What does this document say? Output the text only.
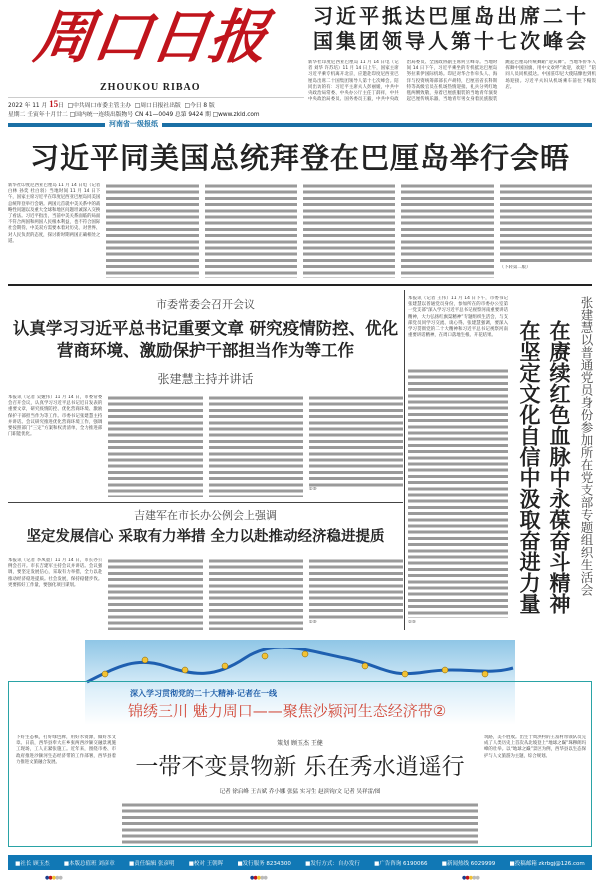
周口日报
ZHOUKOU RIBAO
2022 年 11 月 15日 □中共周口市委主管主办 □周口日报社出版 □今日 8 版
星期二 壬寅年十月廿二 □国内统一连续出版物号 CN 41—0049 总第 9424 期 □www.zkld.com
河南省一级报纸
习近平抵达巴厘岛出席二十国集团领导人第十七次峰会
新华社印度尼西亚巴厘岛 11 月 14 日电（记者 刘华 许苏培）11 月 14 日上午，国家主席习近平乘专机离开北京，应邀赴印度尼西亚巴厘岛出席二十国集团领导人第十七次峰会。陪同出访的有：习近平主席夫人彭丽媛，中共中央政治局常委、中央办公厅主任丁薛祥，中共中央政治局委员、国务委员王毅，中共中央政治局委员、全国政协副主席何立峰等。当地时间 14 日下午，习近平乘坐的专机抵达巴厘岛努拉莱伊国际机场。印尼对华合作牵头人、海洋与投资统筹部部长卢胡特，巴厘省省长科斯特等高级官员在机场热情迎接。礼兵分列红地毯两侧致敬，身着巴厘族服装的当地青年演奏起巴厘传统乐器，当地青年男女身着民族服装跳起巴厘岛传统舞蹈“迎宾舞”。当地华侨华人挥舞中国国旗，用中文欢呼“欢迎，欢迎！”陪同人员同机抵达。中国驻印尼大使陆慷也到机场迎接。习近平夫妇从机场乘车前往下榻饭店。
习近平同美国总统拜登在巴厘岛举行会晤
新华社印度尼西亚巴厘岛 11 月 14 日电（记者 白林 孙奕 杜白羽）当地时间 11 月 14 日下午，国家主席习近平在印度尼西亚巴厘岛同美国总统拜登举行会晤。两国元首就中美关系中的战略性问题以及重大全球和地区问题坦诚深入交换了看法。习近平指出，当前中美关系面临的局面不符合两国和两国人民根本利益，也不符合国际社会期待。中美双方需要本着对历史、对世界、对人民负责的态度，探讨新时期两国正确相处之道。
（下转第二版）
市委常委会召开会议
认真学习习近平总书记重要文章 研究疫情防控、优化营商环境、激励保护干部担当作为等工作
张建慧主持并讲话
本报讯（记者 吴娅伟）11 月 14 日，市委常委会召开会议，认真学习习近平总书记近日发表的重要文章，研究疫情防控、优化营商环境、激励保护干部担当作为等工作。市委书记张建慧主持并讲话。会议研究推进优化营商环境工作，强调要按照部门“三定”方案和权责清单，全力推进部门职能优化。
②⑤
吉建军在市长办公例会上强调
坚定发展信心 采取有力举措 全力以赴推动经济稳进提质
本报讯（记者 李凤童）11 月 14 日，市长办公例会召开。市长吉建军主持会议并讲话。会议强调，要坚定发展信心，采取有力举措，全力以赴推动经济稳进提质。社会发展，保持稳健步伐。更要抓好工作量，要强化项目谋划。
②⑤
本报讯（记者 王伟）11 月 14 日下午，市委书记张建慧以普通党员身份，参加所在的市委办公室第一党支部“深入学习习近平总书记视察河南重要讲话精神，大力弘扬红旗渠精神”专题组织生活会，与支部党员同学习交流、谈心得。张建慧强调，要深入学习贯彻党的二十大精神和习近平总书记视察河南重要讲话精神，在周口落地生根、开花结果。
②⑤
在赓续红色血脉中永葆奋斗精神
在坚定文化自信中汲取奋进力量	张建慧以普通党员身份参加所在党支部专题组织生活会
深入学习贯彻党的二十大精神·记者在一线
锦绣三川 魅力周口——聚焦沙颍河生态经济带②
下好生态棋，打好绿色牌，用好水资源，做好水文章。日前，西华县奉大庄乡张两西沙颍交融景观施工现场，工人正紧张施工。近年来，围绕市委、市政府推进沙颍河生态经济带的工作部署，西华县着力推进文旅融合发展。
筑路，美不胜收。出生于周洪村的王富村带领队员完成了人类历史上首次从北坡登上“地球之巅”珠穆朗玛峰的壮举。以“地球之巅”景区为例，西华县以生态保护与人文旅游为主题，综合规划。
策划 顾玉杰 王健
一带不变景物新 乐在秀水逍遥行
记者 徐启峰 王吉斌 乔小娜 张猛 实习生 赵滨钧/文 记者 吴祥雷/图
■社长 顾玉杰	■本版总值班 刘彦章	■责任编辑 张彦明	■校对 王朝晖	■发行服务 8234300	■发行方式：自办发行	■广告咨询 6190066	■新闻热线 6029999	■投稿邮箱 zkrbgj@126.com
●●●●●	●●●●●	●●●●●
